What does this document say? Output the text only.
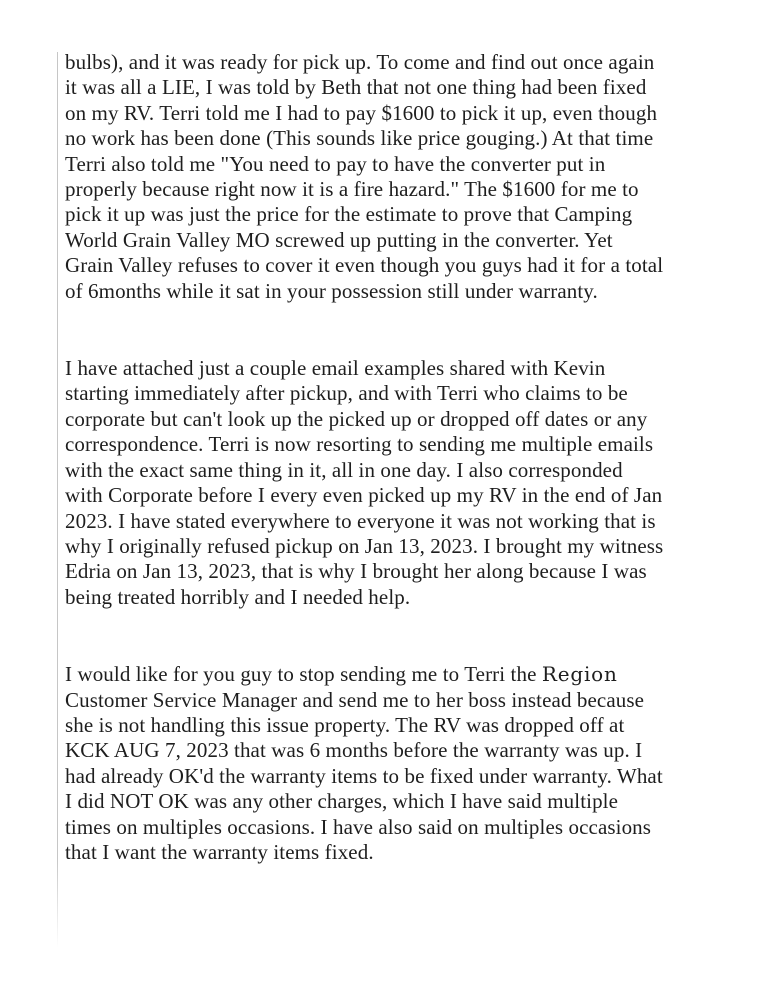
bulbs), and it was ready for pick up. To come and find out once again
it was all a LIE, I was told by Beth that not one thing had been fixed
on my RV. Terri told me I had to pay $1600 to pick it up, even though
no work has been done (This sounds like price gouging.) At that time
Terri also told me "You need to pay to have the converter put in
properly because right now it is a fire hazard." The $1600 for me to
pick it up was just the price for the estimate to prove that Camping
World Grain Valley MO screwed up putting in the converter. Yet
Grain Valley refuses to cover it even though you guys had it for a total
of 6months while it sat in your possession still under warranty.
I have attached just a couple email examples shared with Kevin
starting immediately after pickup, and with Terri who claims to be
corporate but can't look up the picked up or dropped off dates or any
correspondence. Terri is now resorting to sending me multiple emails
with the exact same thing in it, all in one day. I also corresponded
with Corporate before I every even picked up my RV in the end of Jan
2023. I have stated everywhere to everyone it was not working that is
why I originally refused pickup on Jan 13, 2023. I brought my witness
Edria on Jan 13, 2023, that is why I brought her along because I was
being treated horribly and I needed help.
I would like for you guy to stop sending me to Terri the Region
Customer Service Manager and send me to her boss instead because
she is not handling this issue property. The RV was dropped off at
KCK AUG 7, 2023 that was 6 months before the warranty was up. I
had already OK'd the warranty items to be fixed under warranty. What
I did NOT OK was any other charges, which I have said multiple
times on multiples occasions. I have also said on multiples occasions
that I want the warranty items fixed.
